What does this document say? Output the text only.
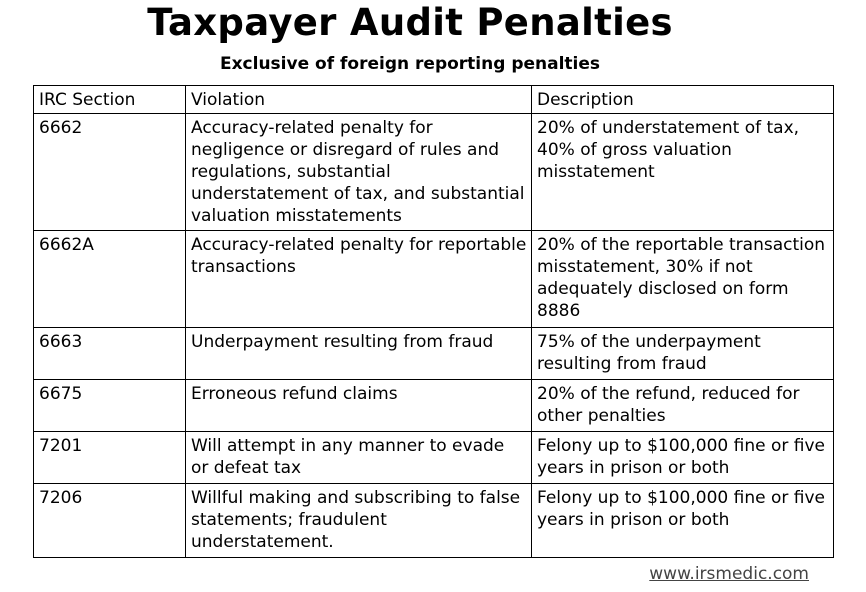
Taxpayer Audit Penalties
Exclusive of foreign reporting penalties
IRC Section	Violation	Description
6662	Accuracy-related penalty for negligence or disregard of rules and regulations, substantial understatement of tax, and substantial valuation misstatements	20% of understatement of tax, 40% of gross valuation misstatement
6662A	Accuracy-related penalty for reportable transactions	20% of the reportable transaction misstatement, 30% if not adequately disclosed on form 8886
6663	Underpayment resulting from fraud	75% of the underpayment resulting from fraud
6675	Erroneous refund claims	20% of the refund, reduced for other penalties
7201	Will attempt in any manner to evade or defeat tax	Felony up to $100,000 fine or five years in prison or both
7206	Willful making and subscribing to false statements; fraudulent understatement.	Felony up to $100,000 fine or five years in prison or both
www.irsmedic.com
